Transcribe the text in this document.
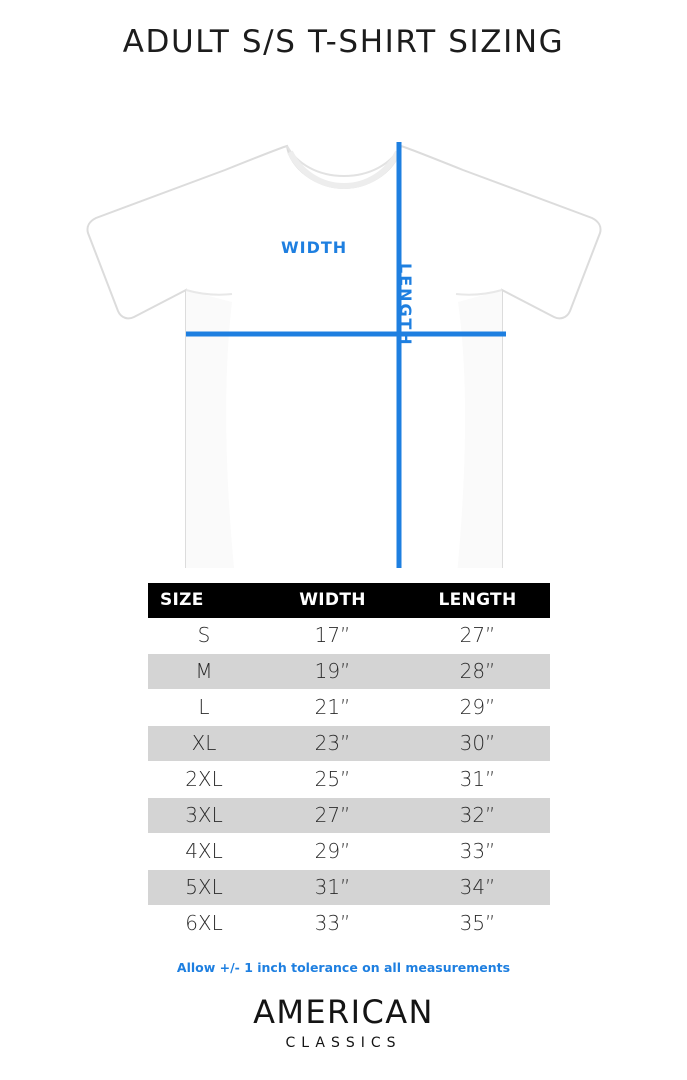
ADULT S/S T-SHIRT SIZING
WIDTH
LENGTH
SIZE	WIDTH	LENGTH
S	17”	27”
M	19”	28”
L	21”	29”
XL	23”	30”
2XL	25”	31”
3XL	27”	32”
4XL	29”	33”
5XL	31”	34”
6XL	33”	35”
Allow +/- 1 inch tolerance on all measurements
AMERICAN
CLASSICS
